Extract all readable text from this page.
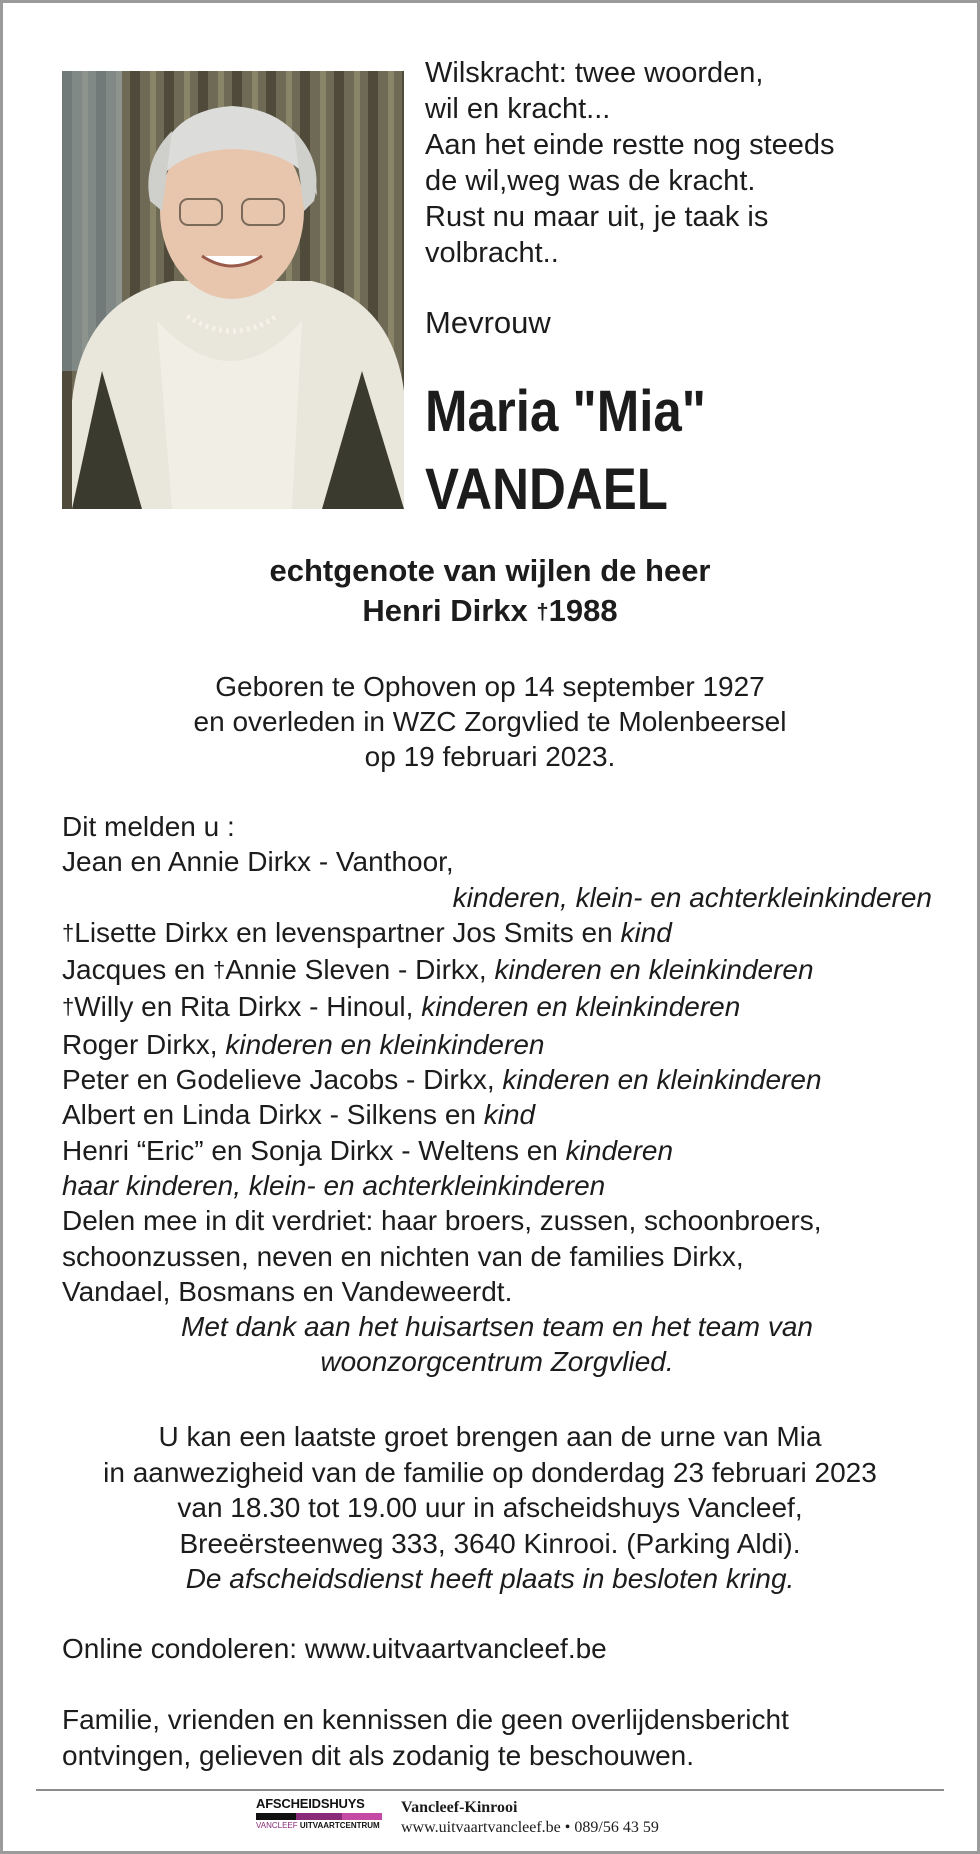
Wilskracht: twee woorden,
wil en kracht...
Aan het einde restte nog steeds
de wil,weg was de kracht.
Rust nu maar uit, je taak is
volbracht..
Mevrouw
Maria "Mia"
VANDAEL
echtgenote van wijlen de heer
Henri Dirkx †1988
Geboren te Ophoven op 14 september 1927
en overleden in WZC Zorgvlied te Molenbeersel
op 19 februari 2023.
Dit melden u :
Jean en Annie Dirkx - Vanthoor,
kinderen, klein- en achterkleinkinderen
†Lisette Dirkx en levenspartner Jos Smits en kind
Jacques en †Annie Sleven - Dirkx, kinderen en kleinkinderen
†Willy en Rita Dirkx - Hinoul, kinderen en kleinkinderen
Roger Dirkx, kinderen en kleinkinderen
Peter en Godelieve Jacobs - Dirkx, kinderen en kleinkinderen
Albert en Linda Dirkx - Silkens en kind
Henri “Eric” en Sonja Dirkx - Weltens en kinderen
haar kinderen, klein- en achterkleinkinderen
Delen mee in dit verdriet: haar broers, zussen, schoonbroers,
schoonzussen, neven en nichten van de families Dirkx,
Vandael, Bosmans en Vandeweerdt.
Met dank aan het huisartsen team en het team van
woonzorgcentrum Zorgvlied.
U kan een laatste groet brengen aan de urne van Mia
in aanwezigheid van de familie op donderdag 23 februari 2023
van 18.30 tot 19.00 uur in afscheidshuys Vancleef,
Breeërsteenweg 333, 3640 Kinrooi. (Parking Aldi).
De afscheidsdienst heeft plaats in besloten kring.
Online condoleren: www.uitvaartvancleef.be
Familie, vrienden en kennissen die geen overlijdensbericht
ontvingen, gelieven dit als zodanig te beschouwen.
AFSCHEIDSHUYS
VANCLEEF UITVAARTCENTRUM
Vancleef-Kinrooi
www.uitvaartvancleef.be • 089/56 43 59
